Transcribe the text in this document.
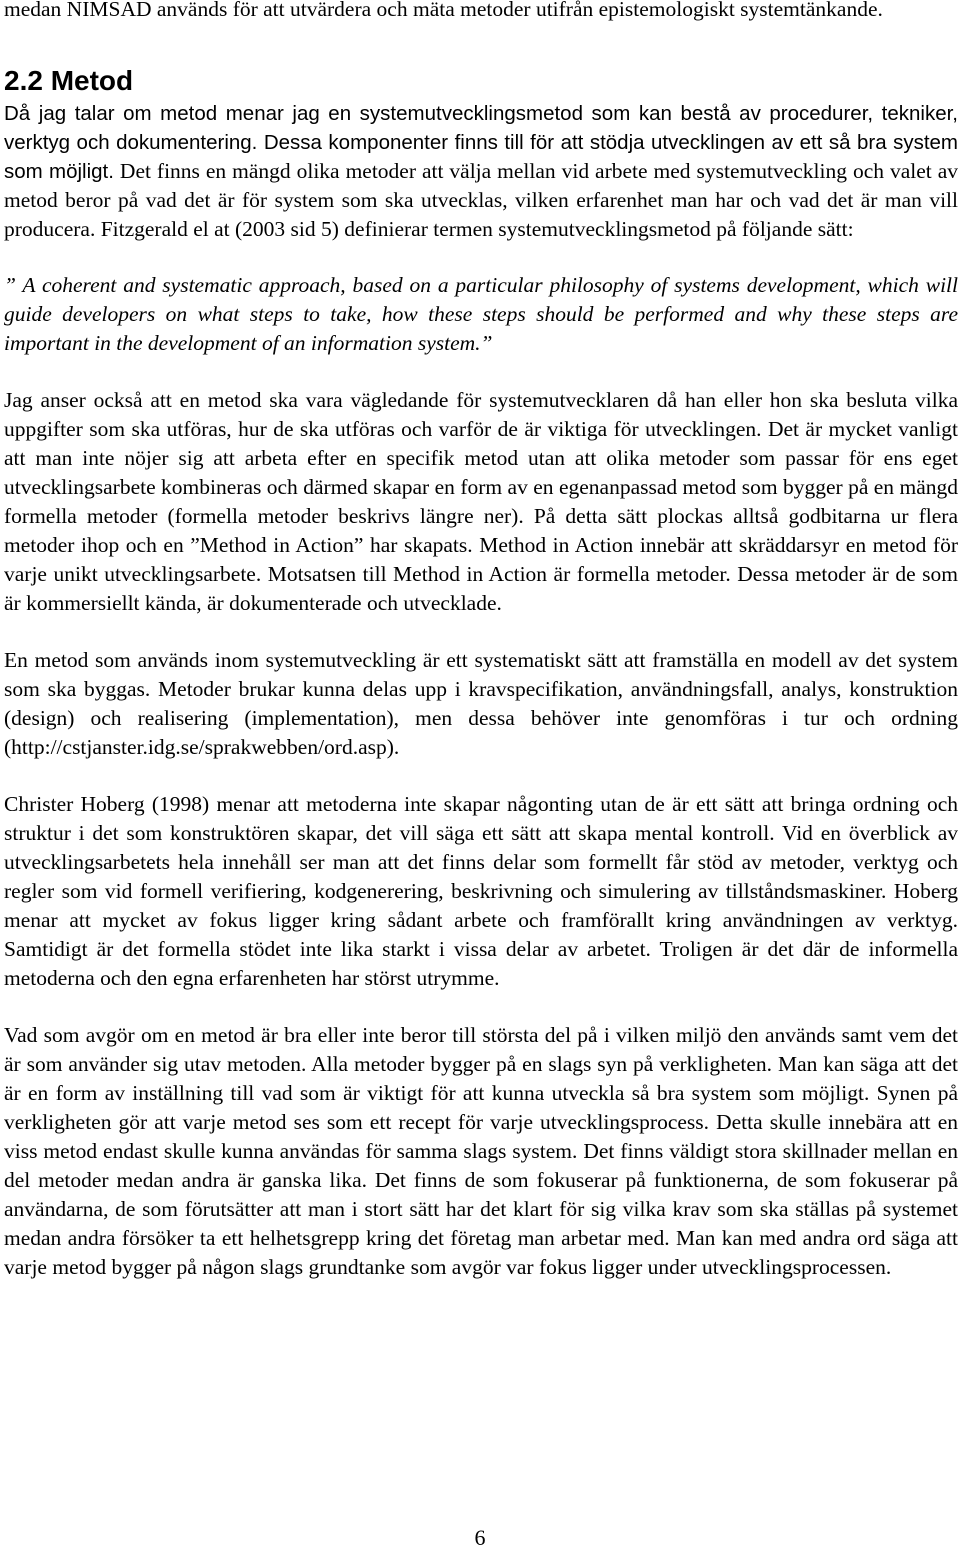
medan NIMSAD används för att utvärdera och mäta metoder utifrån epistemologiskt systemtänkande.

2.2 Metod

Då jag talar om metod menar jag en systemutvecklingsmetod som kan bestå av procedurer, tekniker, verktyg och dokumentering. Dessa komponenter finns till för att stödja utvecklingen av ett så bra system som möjligt. Det finns en mängd olika metoder att välja mellan vid arbete med systemutveckling och valet av metod beror på vad det är för system som ska utvecklas, vilken erfarenhet man har och vad det är man vill producera. Fitzgerald el at (2003 sid 5) definierar termen systemutvecklingsmetod på följande sätt:

” A coherent and systematic approach, based on a particular philosophy of systems development, which will guide developers on what steps to take, how these steps should be performed and why these steps are important in the development of an information system.”

Jag anser också att en metod ska vara vägledande för systemutvecklaren då han eller hon ska besluta vilka uppgifter som ska utföras, hur de ska utföras och varför de är viktiga för utvecklingen. Det är mycket vanligt att man inte nöjer sig att arbeta efter en specifik metod utan att olika metoder som passar för ens eget utvecklingsarbete kombineras och därmed skapar en form av en egenanpassad metod som bygger på en mängd formella metoder (formella metoder beskrivs längre ner). På detta sätt plockas alltså godbitarna ur flera metoder ihop och en ”Method in Action” har skapats. Method in Action innebär att skräddarsyr en metod för varje unikt utvecklingsarbete. Motsatsen till Method in Action är formella metoder. Dessa metoder är de som är kommersiellt kända, är dokumenterade och utvecklade.

En metod som används inom systemutveckling är ett systematiskt sätt att framställa en modell av det system som ska byggas. Metoder brukar kunna delas upp i kravspecifikation, användningsfall, analys, konstruktion (design) och realisering (implementation), men dessa behöver inte genomföras i tur och ordning (http://cstjanster.idg.se/sprakwebben/ord.asp).

Christer Hoberg (1998) menar att metoderna inte skapar någonting utan de är ett sätt att bringa ordning och struktur i det som konstruktören skapar, det vill säga ett sätt att skapa mental kontroll. Vid en överblick av utvecklingsarbetets hela innehåll ser man att det finns delar som formellt får stöd av metoder, verktyg och regler som vid formell verifiering, kodgenerering, beskrivning och simulering av tillståndsmaskiner. Hoberg menar att mycket av fokus ligger kring sådant arbete och framförallt kring användningen av verktyg. Samtidigt är det formella stödet inte lika starkt i vissa delar av arbetet. Troligen är det där de informella metoderna och den egna erfarenheten har störst utrymme.

Vad som avgör om en metod är bra eller inte beror till största del på i vilken miljö den används samt vem det är som använder sig utav metoden. Alla metoder bygger på en slags syn på verkligheten. Man kan säga att det är en form av inställning till vad som är viktigt för att kunna utveckla så bra system som möjligt. Synen på verkligheten gör att varje metod ses som ett recept för varje utvecklingsprocess. Detta skulle innebära att en viss metod endast skulle kunna användas för samma slags system. Det finns väldigt stora skillnader mellan en del metoder medan andra är ganska lika. Det finns de som fokuserar på funktionerna, de som fokuserar på användarna, de som förutsätter att man i stort sätt har det klart för sig vilka krav som ska ställas på systemet medan andra försöker ta ett helhetsgrepp kring det företag man arbetar med. Man kan med andra ord säga att varje metod bygger på någon slags grundtanke som avgör var fokus ligger under utvecklingsprocessen.

6
